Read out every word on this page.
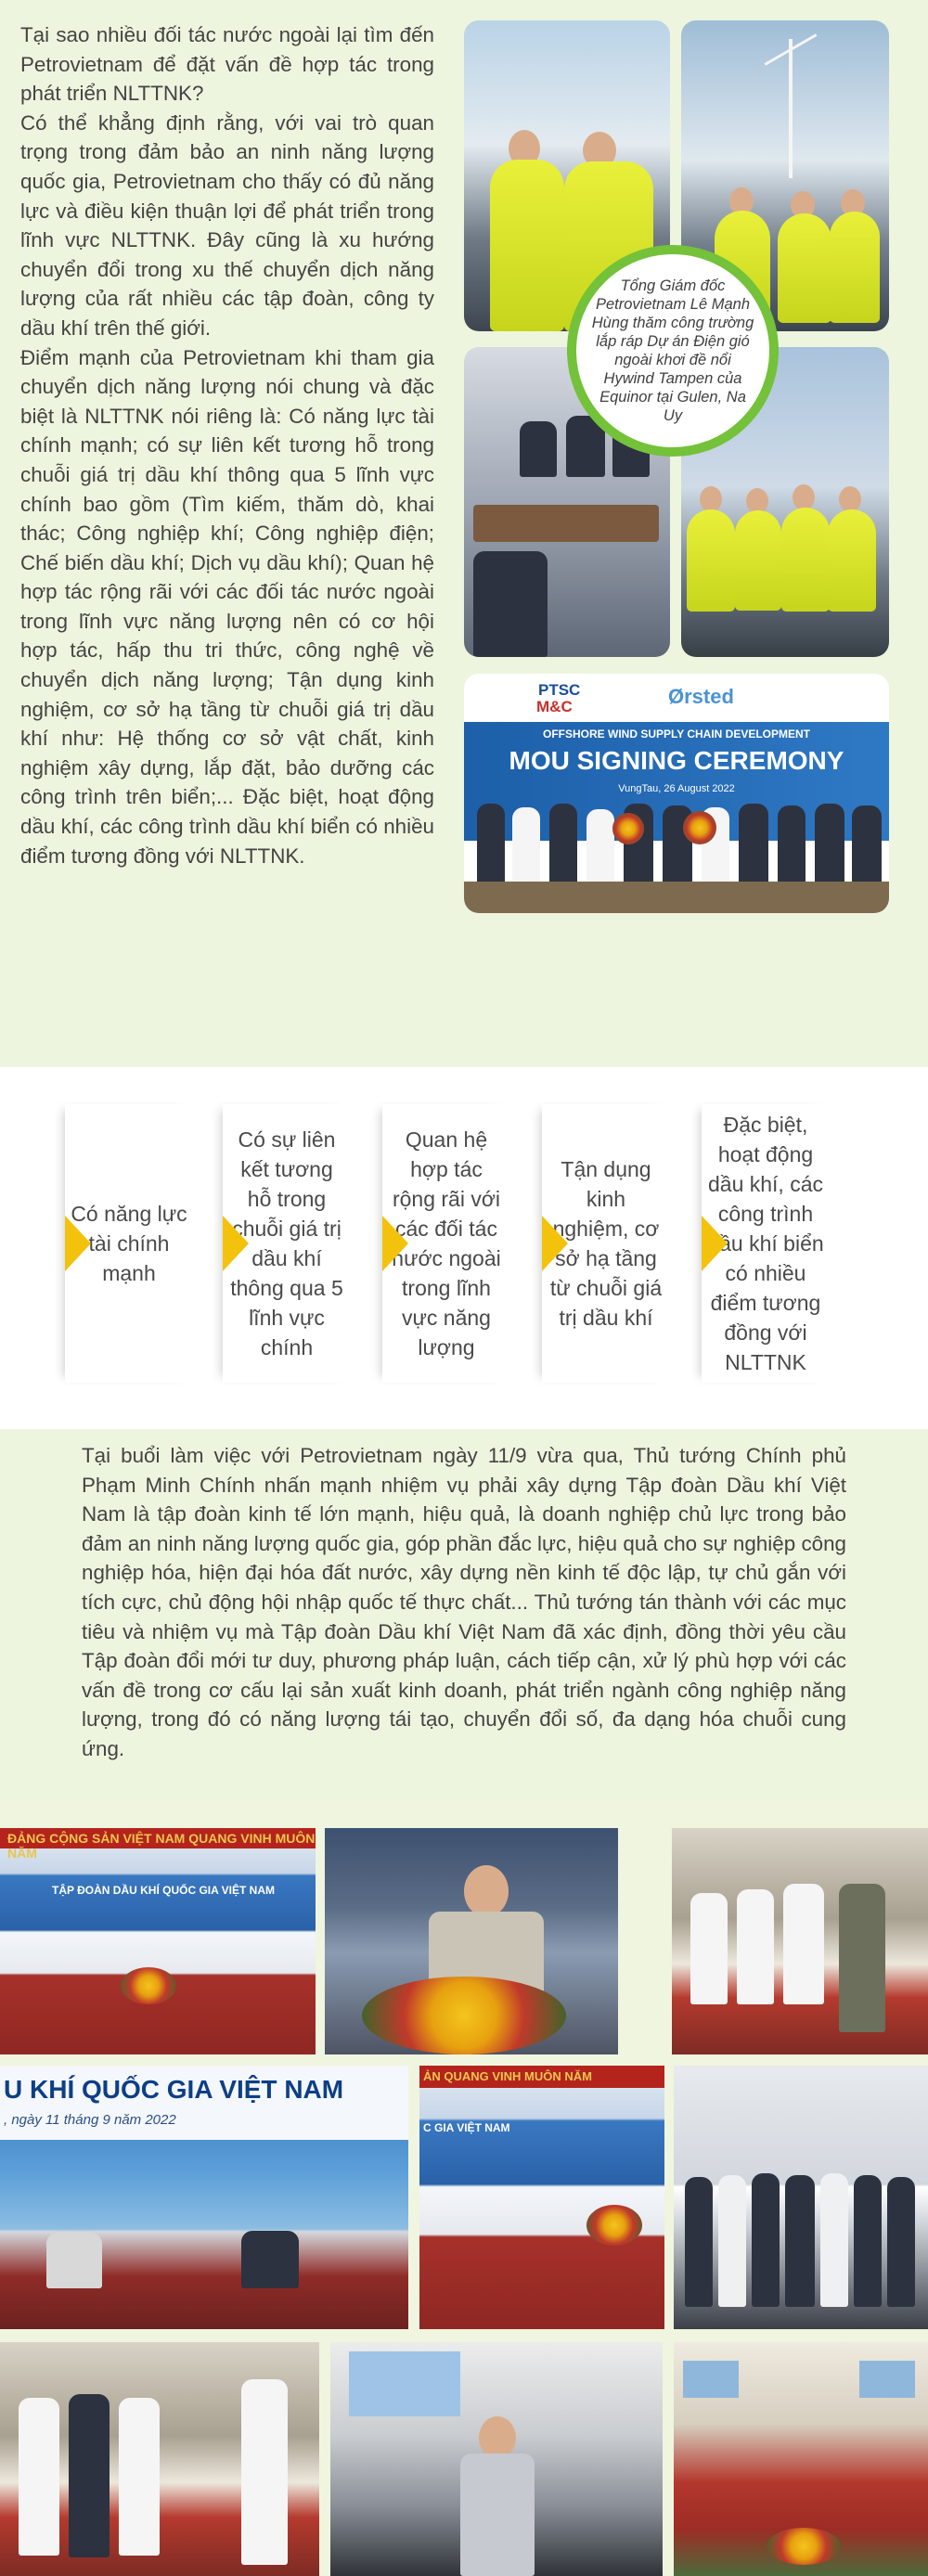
Tại sao nhiều đối tác nước ngoài lại tìm đến Petrovietnam để đặt vấn đề hợp tác trong phát triển NLTTNK?

Có thể khẳng định rằng, với vai trò quan trọng trong đảm bảo an ninh năng lượng quốc gia, Petrovietnam cho thấy có đủ năng lực và điều kiện thuận lợi để phát triển trong lĩnh vực NLTTNK. Đây cũng là xu hướng chuyển đổi trong xu thế chuyển dịch năng lượng của rất nhiều các tập đoàn, công ty dầu khí trên thế giới.

Điểm mạnh của Petrovietnam khi tham gia chuyển dịch năng lượng nói chung và đặc biệt là NLTTNK nói riêng là: Có năng lực tài chính mạnh; có sự liên kết tương hỗ trong chuỗi giá trị dầu khí thông qua 5 lĩnh vực chính bao gồm (Tìm kiếm, thăm dò, khai thác; Công nghiệp khí; Công nghiệp điện; Chế biến dầu khí; Dịch vụ dầu khí); Quan hệ hợp tác rộng rãi với các đối tác nước ngoài trong lĩnh vực năng lượng nên có cơ hội hợp tác, hấp thu tri thức, công nghệ về chuyển dịch năng lượng; Tận dụng kinh nghiệm, cơ sở hạ tầng từ chuỗi giá trị dầu khí như: Hệ thống cơ sở vật chất, kinh nghiệm xây dựng, lắp đặt, bảo dưỡng các công trình trên biển;... Đặc biệt, hoạt động dầu khí, các công trình dầu khí biển có nhiều điểm tương đồng với NLTTNK.

PTSC
M&C	Ørsted
OFFSHORE WIND SUPPLY CHAIN DEVELOPMENT
MOU SIGNING CEREMONY
VungTau, 26 August 2022
Tổng Giám đốc Petrovietnam Lê Mạnh Hùng thăm công trường lắp ráp Dự án Điện gió ngoài khơi đề nổi Hywind Tampen của Equinor tại Gulen, Na Uy
Có năng lực tài chính mạnh
Có sự liên kết tương hỗ trong chuỗi giá trị dầu khí thông qua 5 lĩnh vực chính
Quan hệ hợp tác rộng rãi với các đối tác nước ngoài trong lĩnh vực năng lượng
Tận dụng kinh nghiệm, cơ sở hạ tầng từ chuỗi giá trị dầu khí
Đặc biệt, hoạt động dầu khí, các công trình dầu khí biển có nhiều điểm tương đồng với NLTTNK

Tại buổi làm việc với Petrovietnam ngày 11/9 vừa qua, Thủ tướng Chính phủ Phạm Minh Chính nhấn mạnh nhiệm vụ phải xây dựng Tập đoàn Dầu khí Việt Nam là tập đoàn kinh tế lớn mạnh, hiệu quả, là doanh nghiệp chủ lực trong bảo đảm an ninh năng lượng quốc gia, góp phần đắc lực, hiệu quả cho sự nghiệp công nghiệp hóa, hiện đại hóa đất nước, xây dựng nền kinh tế độc lập, tự chủ gắn với tích cực, chủ động hội nhập quốc tế thực chất... Thủ tướng tán thành với các mục tiêu và nhiệm vụ mà Tập đoàn Dầu khí Việt Nam đã xác định, đồng thời yêu cầu Tập đoàn đổi mới tư duy, phương pháp luận, cách tiếp cận, xử lý phù hợp với các vấn đề trong cơ cấu lại sản xuất kinh doanh, phát triển ngành công nghiệp năng lượng, trong đó có năng lượng tái tạo, chuyển đổi số, đa dạng hóa chuỗi cung ứng.

ĐẢNG CỘNG SẢN VIỆT NAM QUANG VINH MUÔN NĂM
TẬP ĐOÀN DẦU KHÍ QUỐC GIA VIỆT NAM
U KHÍ QUỐC GIA VIỆT NAM
, ngày 11 tháng 9 năm 2022
ẢN QUANG VINH MUÔN NĂM
C GIA VIỆT NAM
